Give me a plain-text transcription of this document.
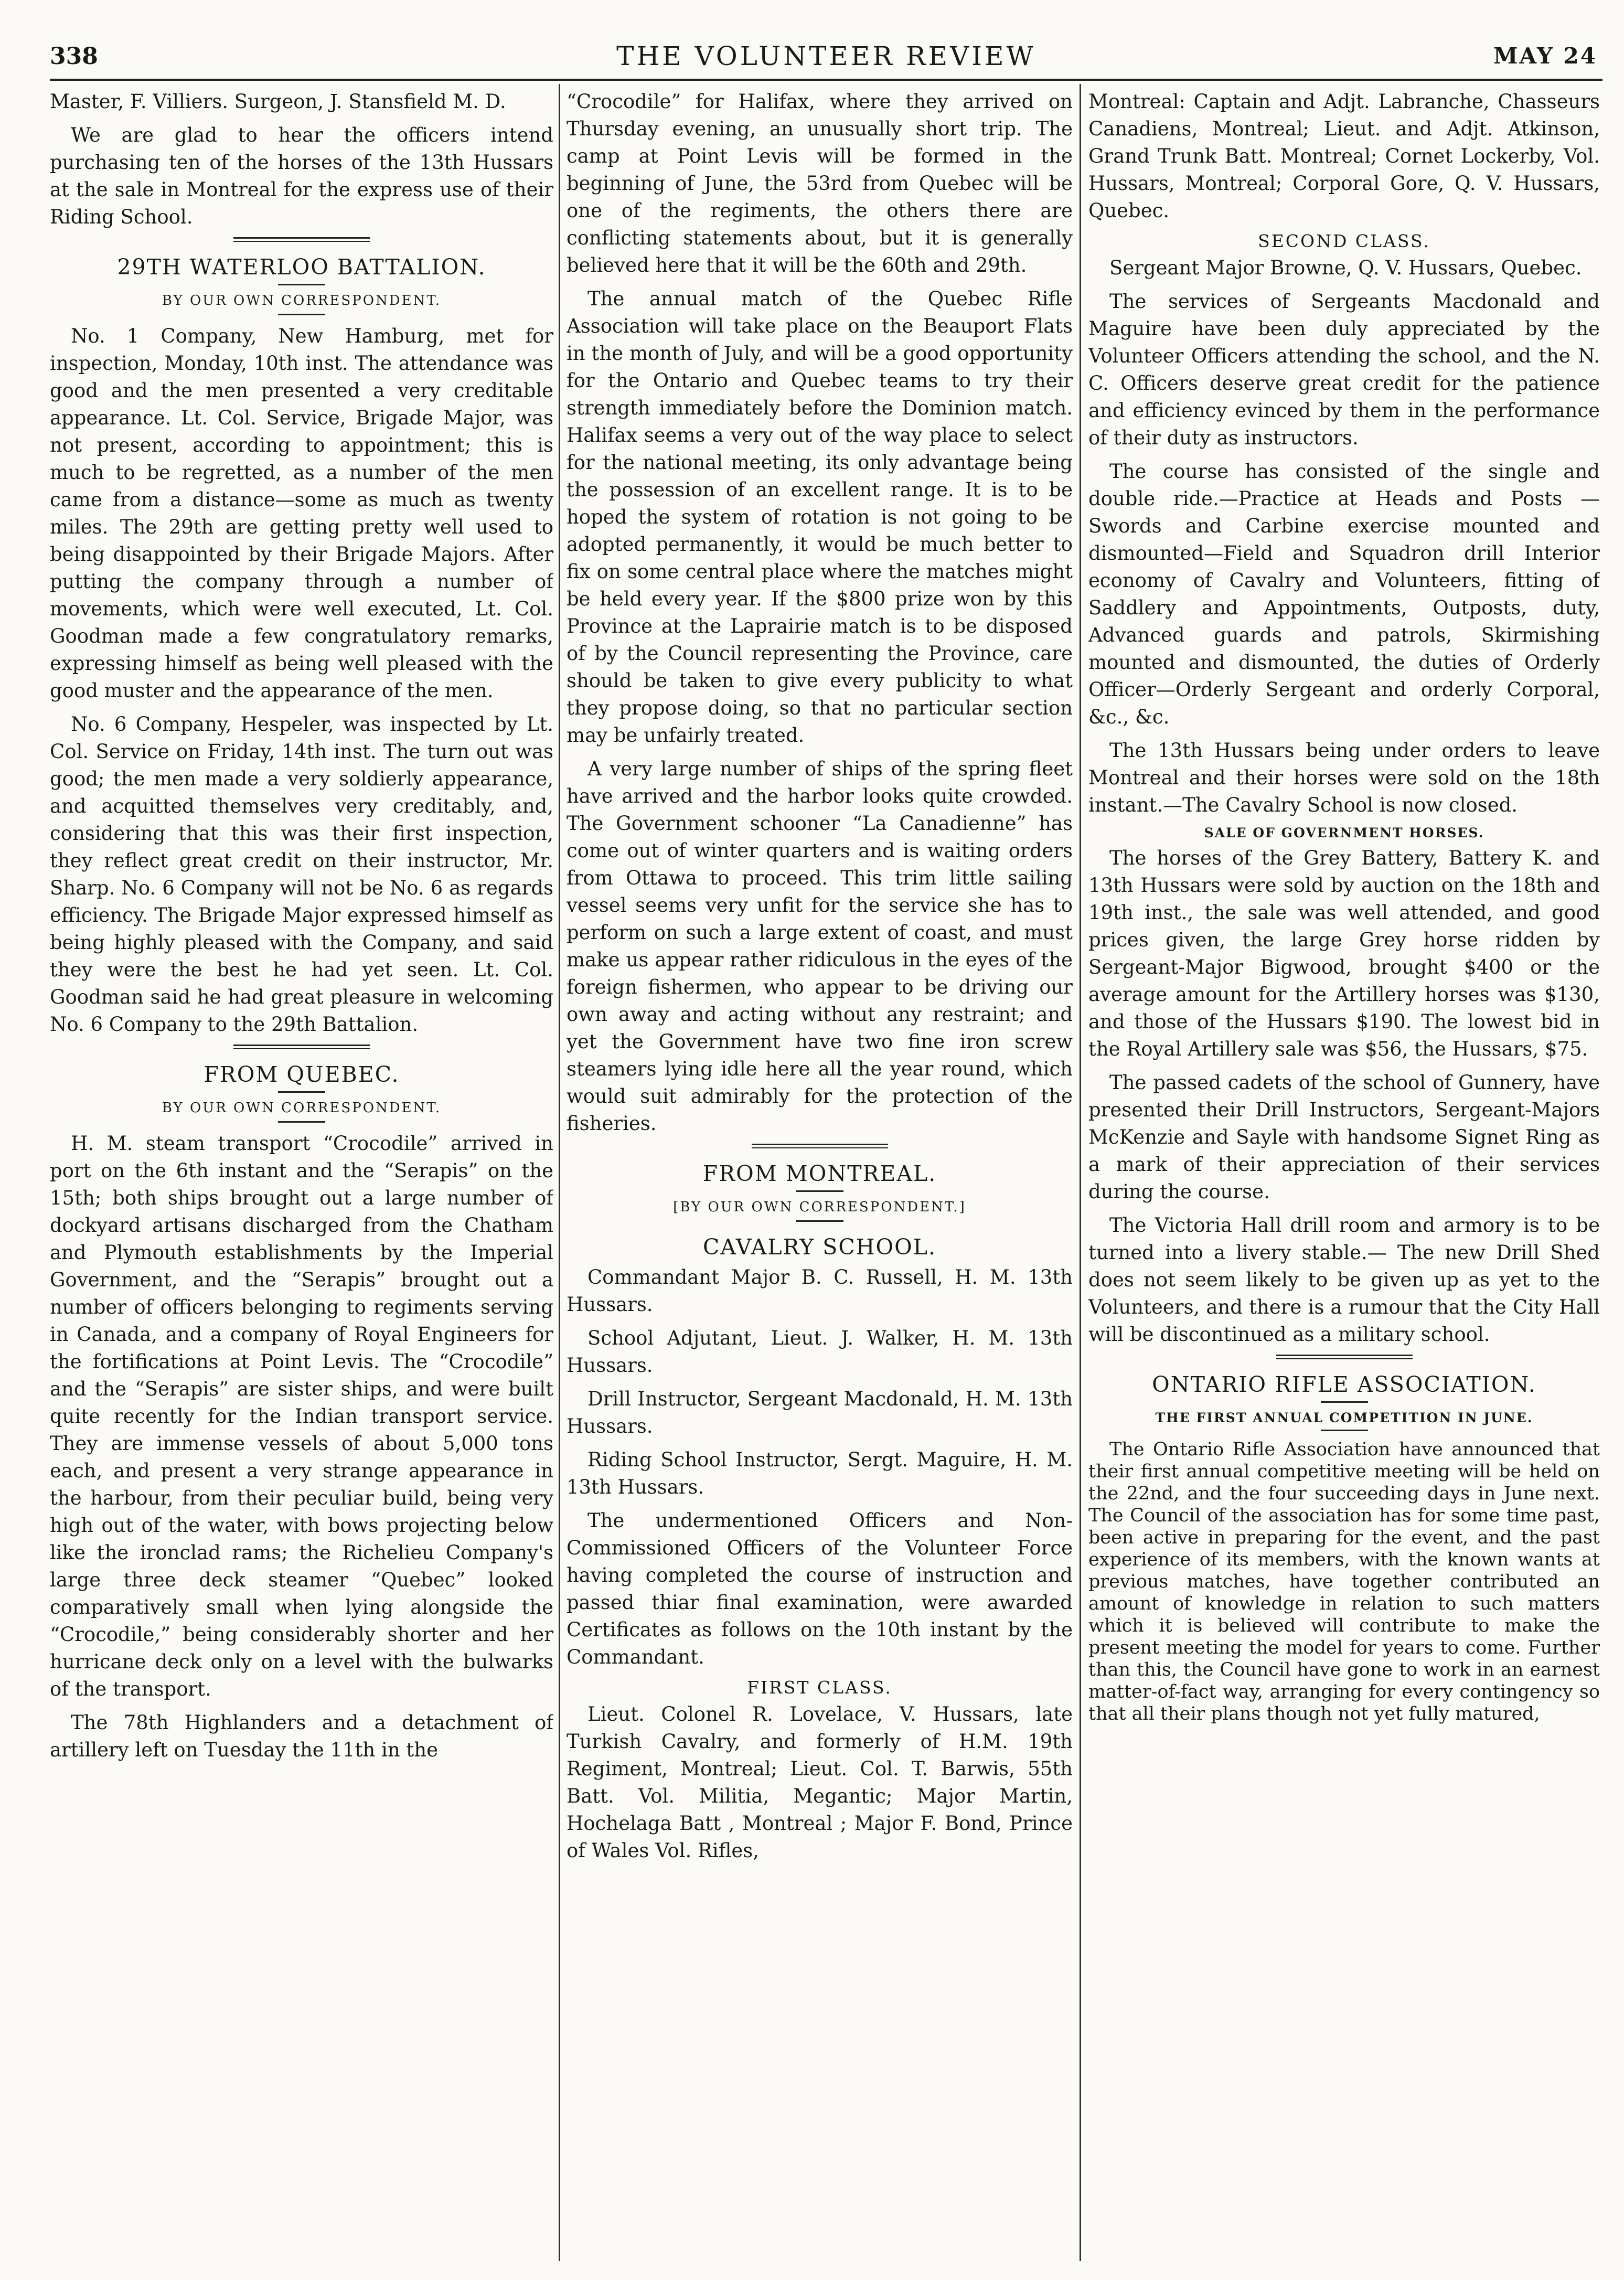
338	THE VOLUNTEER REVIEW	MAY 24

Master, F. Villiers. Surgeon, J. Stansfield M. D.

We are glad to hear the officers intend purchasing ten of the horses of the 13th Hussars at the sale in Montreal for the express use of their Riding School.

29TH WATERLOO BATTALION.
BY OUR OWN CORRESPONDENT.

No. 1 Company, New Hamburg, met for inspection, Monday, 10th inst. The attendance was good and the men presented a very creditable appearance. Lt. Col. Service, Brigade Major, was not present, according to appointment; this is much to be regretted, as a number of the men came from a distance—some as much as twenty miles. The 29th are getting pretty well used to being disappointed by their Brigade Majors. After putting the company through a number of movements, which were well executed, Lt. Col. Goodman made a few congratulatory remarks, expressing himself as being well pleased with the good muster and the appearance of the men.

No. 6 Company, Hespeler, was inspected by Lt. Col. Service on Friday, 14th inst. The turn out was good; the men made a very soldierly appearance, and acquitted themselves very creditably, and, considering that this was their first inspection, they reflect great credit on their instructor, Mr. Sharp. No. 6 Company will not be No. 6 as regards efficiency. The Brigade Major expressed himself as being highly pleased with the Company, and said they were the best he had yet seen. Lt. Col. Goodman said he had great pleasure in welcoming No. 6 Company to the 29th Battalion.

FROM QUEBEC.
BY OUR OWN CORRESPONDENT.

H. M. steam transport “Crocodile” arrived in port on the 6th instant and the “Serapis” on the 15th; both ships brought out a large number of dockyard artisans discharged from the Chatham and Plymouth establishments by the Imperial Government, and the “Serapis” brought out a number of officers belonging to regiments serving in Canada, and a company of Royal Engineers for the fortifications at Point Levis. The “Crocodile” and the “Serapis” are sister ships, and were built quite recently for the Indian transport service. They are immense vessels of about 5,000 tons each, and present a very strange appearance in the harbour, from their peculiar build, being very high out of the water, with bows projecting below like the ironclad rams; the Richelieu Company's large three deck steamer “Quebec” looked comparatively small when lying alongside the “Crocodile,” being considerably shorter and her hurricane deck only on a level with the bulwarks of the transport.

The 78th Highlanders and a detachment of artillery left on Tuesday the 11th in the

“Crocodile” for Halifax, where they arrived on Thursday evening, an unusually short trip. The camp at Point Levis will be formed in the beginning of June, the 53rd from Quebec will be one of the regiments, the others there are conflicting statements about, but it is generally believed here that it will be the 60th and 29th.

The annual match of the Quebec Rifle Association will take place on the Beauport Flats in the month of July, and will be a good opportunity for the Ontario and Quebec teams to try their strength immediately before the Dominion match. Halifax seems a very out of the way place to select for the national meeting, its only advantage being the possession of an excellent range. It is to be hoped the system of rotation is not going to be adopted permanently, it would be much better to fix on some central place where the matches might be held every year. If the $800 prize won by this Province at the Laprairie match is to be disposed of by the Council representing the Province, care should be taken to give every publicity to what they propose doing, so that no particular section may be unfairly treated.

A very large number of ships of the spring fleet have arrived and the harbor looks quite crowded. The Government schooner “La Canadienne” has come out of winter quarters and is waiting orders from Ottawa to proceed. This trim little sailing vessel seems very unfit for the service she has to perform on such a large extent of coast, and must make us appear rather ridiculous in the eyes of the foreign fishermen, who appear to be driving our own away and acting without any restraint; and yet the Government have two fine iron screw steamers lying idle here all the year round, which would suit admirably for the protection of the fisheries.

FROM MONTREAL.
[BY OUR OWN CORRESPONDENT.]
CAVALRY SCHOOL.

Commandant Major B. C. Russell, H. M. 13th Hussars.

School Adjutant, Lieut. J. Walker, H. M. 13th Hussars.

Drill Instructor, Sergeant Macdonald, H. M. 13th Hussars.

Riding School Instructor, Sergt. Maguire, H. M. 13th Hussars.

The undermentioned Officers and Non-Commissioned Officers of the Volunteer Force having completed the course of instruction and passed thiar final examination, were awarded Certificates as follows on the 10th instant by the Commandant.

FIRST CLASS.

Lieut. Colonel R. Lovelace, V. Hussars, late Turkish Cavalry, and formerly of H.M. 19th Regiment, Montreal; Lieut. Col. T. Barwis, 55th Batt. Vol. Militia, Megantic; Major Martin, Hochelaga Batt , Montreal ; Major F. Bond, Prince of Wales Vol. Rifles,

Montreal: Captain and Adjt. Labranche, Chasseurs Canadiens, Montreal; Lieut. and Adjt. Atkinson, Grand Trunk Batt. Montreal; Cornet Lockerby, Vol. Hussars, Montreal; Corporal Gore, Q. V. Hussars, Quebec.

SECOND CLASS.

Sergeant Major Browne, Q. V. Hussars, Quebec.

The services of Sergeants Macdonald and Maguire have been duly appreciated by the Volunteer Officers attending the school, and the N. C. Officers deserve great credit for the patience and efficiency evinced by them in the performance of their duty as instructors.

The course has consisted of the single and double ride.—Practice at Heads and Posts —Swords and Carbine exercise mounted and dismounted—Field and Squadron drill Interior economy of Cavalry and Volunteers, fitting of Saddlery and Appointments, Outposts, duty, Advanced guards and patrols, Skirmishing mounted and dismounted, the duties of Orderly Officer—Orderly Sergeant and orderly Corporal, &c., &c.

The 13th Hussars being under orders to leave Montreal and their horses were sold on the 18th instant.—The Cavalry School is now closed.

SALE OF GOVERNMENT HORSES.

The horses of the Grey Battery, Battery K. and 13th Hussars were sold by auction on the 18th and 19th inst., the sale was well attended, and good prices given, the large Grey horse ridden by Sergeant-Major Bigwood, brought $400 or the average amount for the Artillery horses was $130, and those of the Hussars $190. The lowest bid in the Royal Artillery sale was $56, the Hussars, $75.

The passed cadets of the school of Gunnery, have presented their Drill Instructors, Sergeant-Majors McKenzie and Sayle with handsome Signet Ring as a mark of their appreciation of their services during the course.

The Victoria Hall drill room and armory is to be turned into a livery stable.— The new Drill Shed does not seem likely to be given up as yet to the Volunteers, and there is a rumour that the City Hall will be discontinued as a military school.

ONTARIO RIFLE ASSOCIATION.
THE FIRST ANNUAL COMPETITION IN JUNE.

The Ontario Rifle Association have announced that their first annual competitive meeting will be held on the 22nd, and the four succeeding days in June next. The Council of the association has for some time past, been active in preparing for the event, and the past experience of its members, with the known wants at previous matches, have together contributed an amount of knowledge in relation to such matters which it is believed will contribute to make the present meeting the model for years to come. Further than this, the Council have gone to work in an earnest matter-of-fact way, arranging for every contingency so that all their plans though not yet fully matured,
